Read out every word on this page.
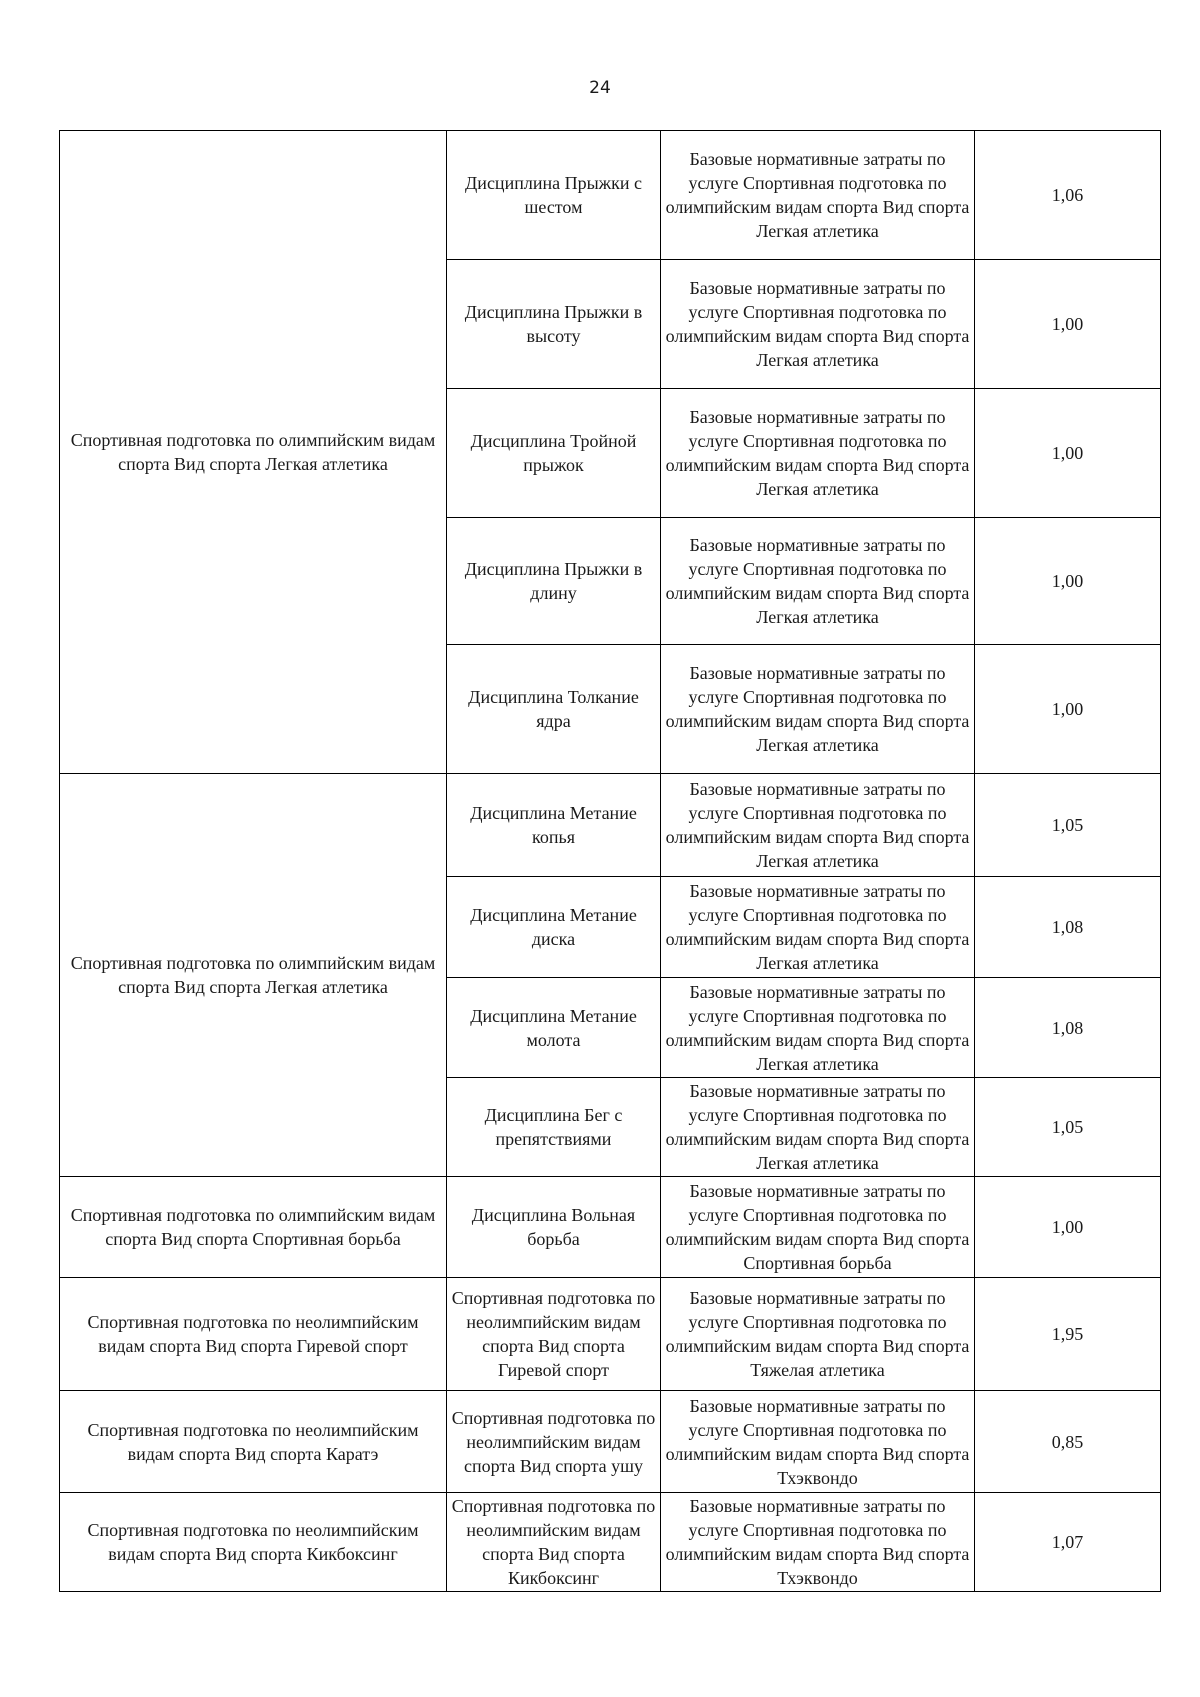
24
Спортивная подготовка по олимпийским видам спорта Вид спорта Легкая атлетика	Дисциплина Прыжки с шестом	Базовые нормативные затраты по услуге Спортивная подготовка по олимпийским видам спорта Вид спорта Легкая атлетика	1,06
	Дисциплина Прыжки в высоту	Базовые нормативные затраты по услуге Спортивная подготовка по олимпийским видам спорта Вид спорта Легкая атлетика	1,00
	Дисциплина Тройной прыжок	Базовые нормативные затраты по услуге Спортивная подготовка по олимпийским видам спорта Вид спорта Легкая атлетика	1,00
	Дисциплина Прыжки в длину	Базовые нормативные затраты по услуге Спортивная подготовка по олимпийским видам спорта Вид спорта Легкая атлетика	1,00
	Дисциплина Толкание ядра	Базовые нормативные затраты по услуге Спортивная подготовка по олимпийским видам спорта Вид спорта Легкая атлетика	1,00

Спортивная подготовка по олимпийским видам спорта Вид спорта Легкая атлетика	Дисциплина Метание копья	Базовые нормативные затраты по услуге Спортивная подготовка по олимпийским видам спорта Вид спорта Легкая атлетика	1,05
	Дисциплина Метание диска	Базовые нормативные затраты по услуге Спортивная подготовка по олимпийским видам спорта Вид спорта Легкая атлетика	1,08
	Дисциплина Метание молота	Базовые нормативные затраты по услуге Спортивная подготовка по олимпийским видам спорта Вид спорта Легкая атлетика	1,08
	Дисциплина Бег с препятствиями	Базовые нормативные затраты по услуге Спортивная подготовка по олимпийским видам спорта Вид спорта Легкая атлетика	1,05
Спортивная подготовка по олимпийским видам спорта Вид спорта Спортивная борьба	Дисциплина Вольная борьба	Базовые нормативные затраты по услуге Спортивная подготовка по олимпийским видам спорта Вид спорта Спортивная борьба	1,00
Спортивная подготовка по неолимпийским видам спорта Вид спорта Гиревой спорт	Спортивная подготовка по неолимпийским видам спорта Вид спорта Гиревой спорт	Базовые нормативные затраты по услуге Спортивная подготовка по олимпийским видам спорта Вид спорта Тяжелая атлетика	1,95
Спортивная подготовка по неолимпийским видам спорта Вид спорта Каратэ	Спортивная подготовка по неолимпийским видам спорта Вид спорта ушу	Базовые нормативные затраты по услуге Спортивная подготовка по олимпийским видам спорта Вид спорта Тхэквондо	0,85
Спортивная подготовка по неолимпийским видам спорта Вид спорта Кикбоксинг	Спортивная подготовка по неолимпийским видам спорта Вид спорта Кикбоксинг	Базовые нормативные затраты по услуге Спортивная подготовка по олимпийским видам спорта Вид спорта Тхэквондо	1,07
